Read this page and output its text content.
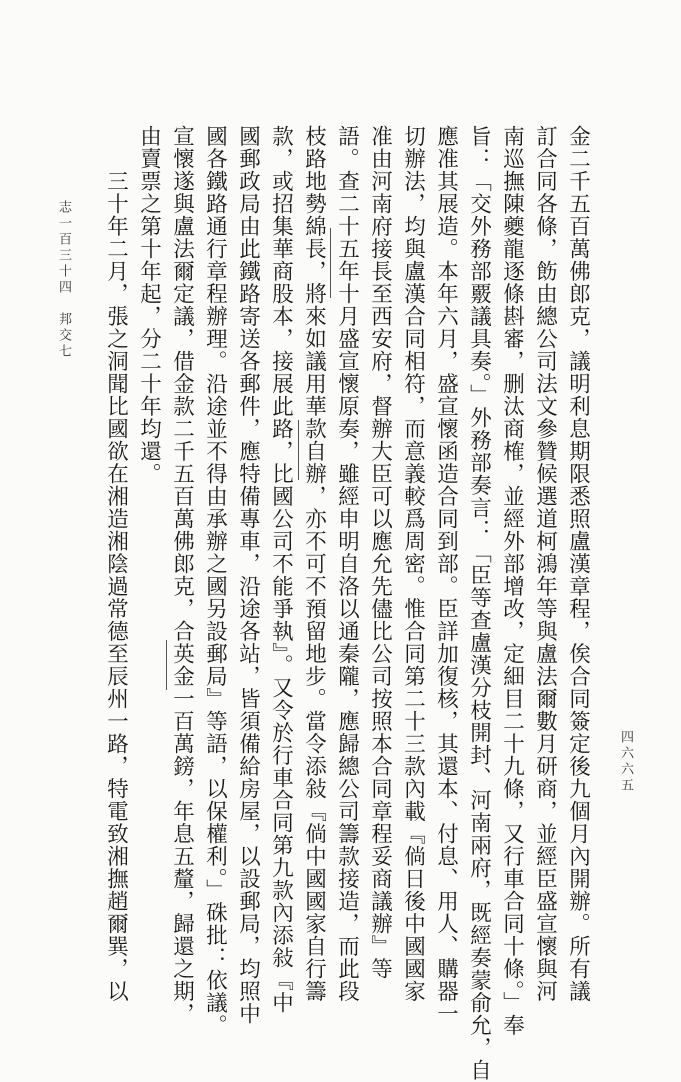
金二千五百萬佛郎克，議明利息期限悉照盧漢章程，俟合同簽定後九個月內開辦。所有議
訂合同各條，飭由總公司法文參贊候選道柯鴻年等與盧法爾數月研商，並經臣盛宣懷與河
南巡撫陳夔龍逐條斟審，删汰商榷，並經外部增改，定細目二十九條，又行車合同十條。」奉
旨：「交外務部覈議具奏。」外務部奏言：「臣等查盧漢分枝開封、河南兩府，既經奏蒙俞允，自
應准其展造。本年六月，盛宣懷函造合同到部。臣詳加復核，其還本、付息、用人、購器一
切辦法，均與盧漢合同相符，而意義較爲周密。惟合同第二十三款內載『倘日後中國國家
准由河南府接長至西安府，督辦大臣可以應允先儘比公司按照本合同章程妥商議辦』等
語。查二十五年十月盛宣懷原奏，雖經申明自洛以通秦隴，應歸總公司籌款接造，而此段
枝路地勢綿長，將來如議用華款自辦，亦不可不預留地步。當令添敍『倘中國國家自行籌
款，或招集華商股本，接展此路，比國公司不能爭執』。又令於行車合同第九款內添敍『中
國郵政局由此鐵路寄送各郵件，應特備專車，沿途各站，皆須備給房屋，以設郵局，均照中
國各鐵路通行章程辦理。沿途並不得由承辦之國另設郵局』等語，以保權利。」硃批：依議。
宣懷遂與盧法爾定議，借金款二千五百萬佛郎克，合英金一百萬鎊，年息五釐，歸還之期，
由賣票之第十年起，分二十年均還。
三十年二月，張之洞聞比國欲在湘造湘陰過常德至辰州一路，特電致湘撫趙爾巽，以
志一百三十四　邦交七
四六六五
